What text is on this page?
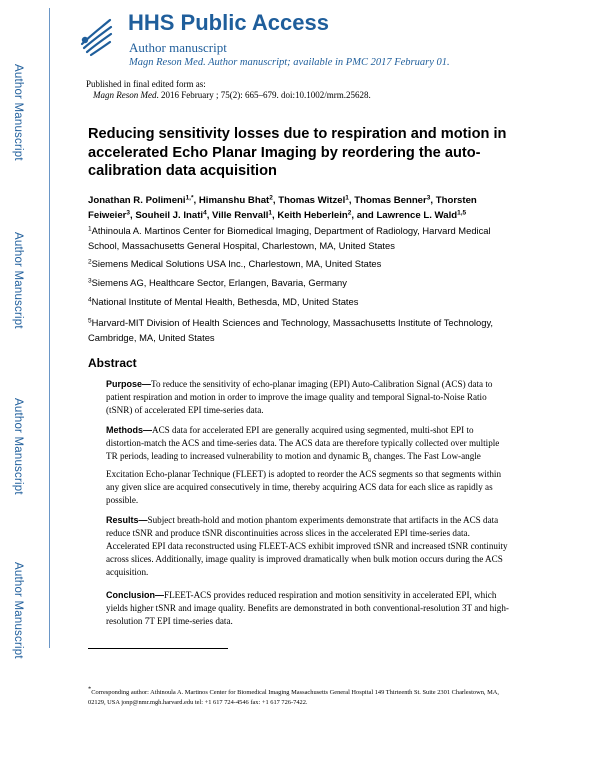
Author Manuscript
Author Manuscript
Author Manuscript
Author Manuscript
HHS Public Access
Author manuscript
Magn Reson Med. Author manuscript; available in PMC 2017 February 01.
Published in final edited form as:
Magn Reson Med. 2016 February ; 75(2): 665–679. doi:10.1002/mrm.25628.
Reducing sensitivity losses due to respiration and motion in accelerated Echo Planar Imaging by reordering the auto-calibration data acquisition
Jonathan R. Polimeni$^{1,*}$, Himanshu Bhat$^2$, Thomas Witzel$^1$, Thomas Benner$^3$, Thorsten Feiweier$^3$, Souheil J. Inati$^4$, Ville Renvall$^1$, Keith Heberlein$^2$, and Lawrence L. Wald$^{1,5}$
$^1$Athinoula A. Martinos Center for Biomedical Imaging, Department of Radiology, Harvard Medical School, Massachusetts General Hospital, Charlestown, MA, United States
$^2$Siemens Medical Solutions USA Inc., Charlestown, MA, United States
$^3$Siemens AG, Healthcare Sector, Erlangen, Bavaria, Germany
$^4$National Institute of Mental Health, Bethesda, MD, United States
$^5$Harvard-MIT Division of Health Sciences and Technology, Massachusetts Institute of Technology, Cambridge, MA, United States
Abstract
Purpose—To reduce the sensitivity of echo-planar imaging (EPI) Auto-Calibration Signal (ACS) data to patient respiration and motion in order to improve the image quality and temporal Signal-to-Noise Ratio (tSNR) of accelerated EPI time-series data.
Methods—ACS data for accelerated EPI are generally acquired using segmented, multi-shot EPI to distortion-match the ACS and time-series data. The ACS data are therefore typically collected over multiple TR periods, leading to increased vulnerability to motion and dynamic $B_0$ changes. The Fast Low-angle Excitation Echo-planar Technique (FLEET) is adopted to reorder the ACS segments so that segments within any given slice are acquired consecutively in time, thereby acquiring ACS data for each slice as rapidly as possible.
Results—Subject breath-hold and motion phantom experiments demonstrate that artifacts in the ACS data reduce tSNR and produce tSNR discontinuities across slices in the accelerated EPI time-series data. Accelerated EPI data reconstructed using FLEET-ACS exhibit improved tSNR and increased tSNR continuity across slices. Additionally, image quality is improved dramatically when bulk motion occurs during the ACS acquisition.
Conclusion—FLEET-ACS provides reduced respiration and motion sensitivity in accelerated EPI, which yields higher tSNR and image quality. Benefits are demonstrated in both conventional-resolution 3T and high-resolution 7T EPI time-series data.
*Corresponding author: Athinoula A. Martinos Center for Biomedical Imaging Massachusetts General Hospital 149 Thirteenth St. Suite 2301 Charlestown, MA, 02129, USA jonp@nmr.mgh.harvard.edu tel: +1 617 724-4546 fax: +1 617 726-7422.
